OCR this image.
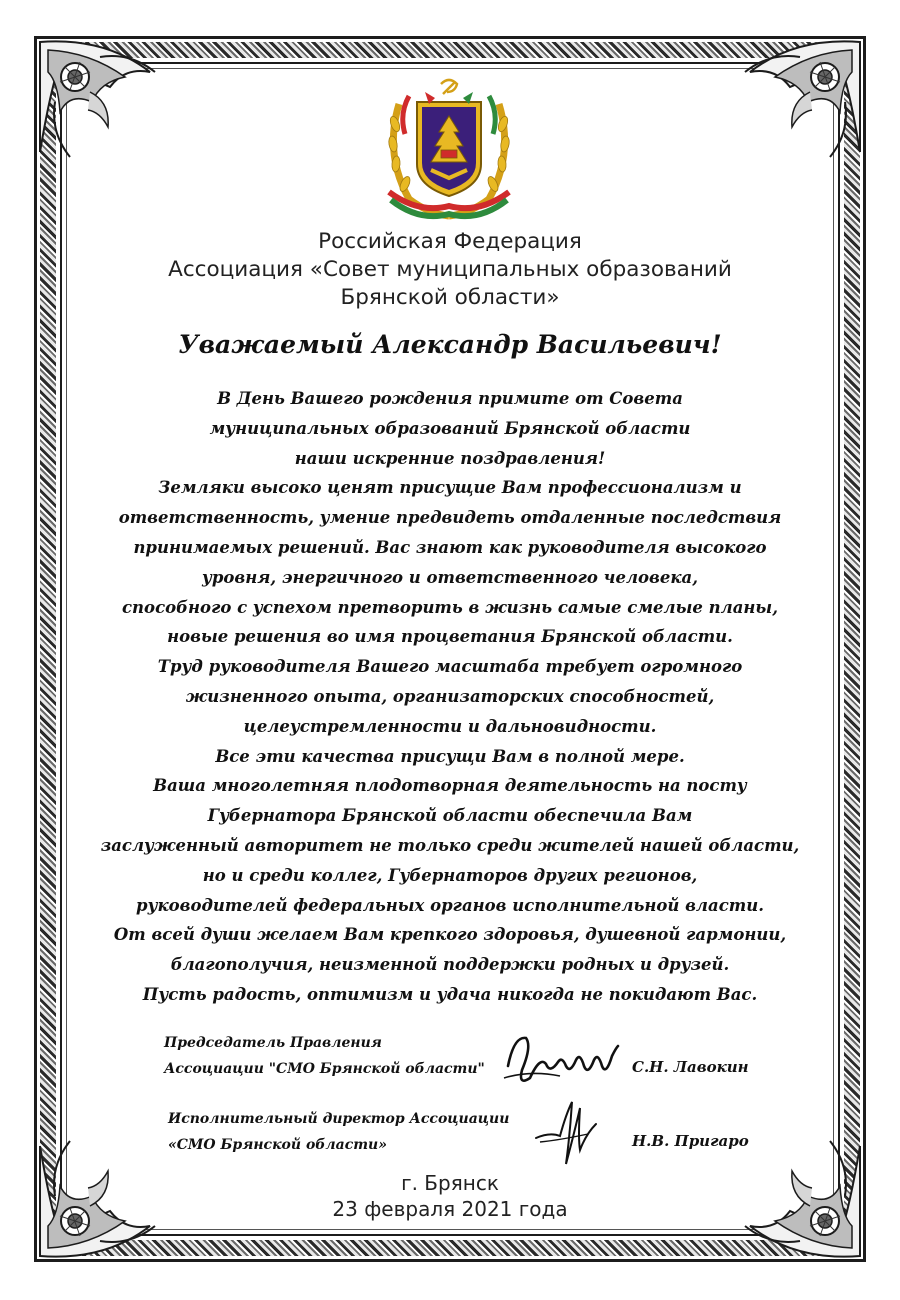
Российская Федерация
Ассоциация «Совет муниципальных образований
Брянской области»
Уважаемый Александр Васильевич!
В День Вашего рождения примите от Совета
муниципальных образований Брянской области
наши искренние поздравления!
Земляки высоко ценят присущие Вам профессионализм и
ответственность, умение предвидеть отдаленные последствия
принимаемых решений. Вас знают как руководителя высокого
уровня, энергичного и ответственного человека,
способного с успехом претворить в жизнь самые смелые планы,
новые решения во имя процветания Брянской области.
Труд руководителя Вашего масштаба требует огромного
жизненного опыта, организаторских способностей,
целеустремленности и дальновидности.
Все эти качества присущи Вам в полной мере.
Ваша многолетняя плодотворная деятельность на посту
Губернатора Брянской области обеспечила Вам
заслуженный авторитет не только среди жителей нашей области,
но и среди коллег, Губернаторов других регионов,
руководителей федеральных органов исполнительной власти.
От всей души желаем Вам крепкого здоровья, душевной гармонии,
благополучия, неизменной поддержки родных и друзей.
Пусть радость, оптимизм и удача никогда не покидают Вас.
Председатель Правления
Ассоциации "СМО Брянской области"	С.Н. Лавокин
Исполнительный директор Ассоциации
«СМО Брянской области»	Н.В. Пригаро
г. Брянск
23 февраля 2021 года
